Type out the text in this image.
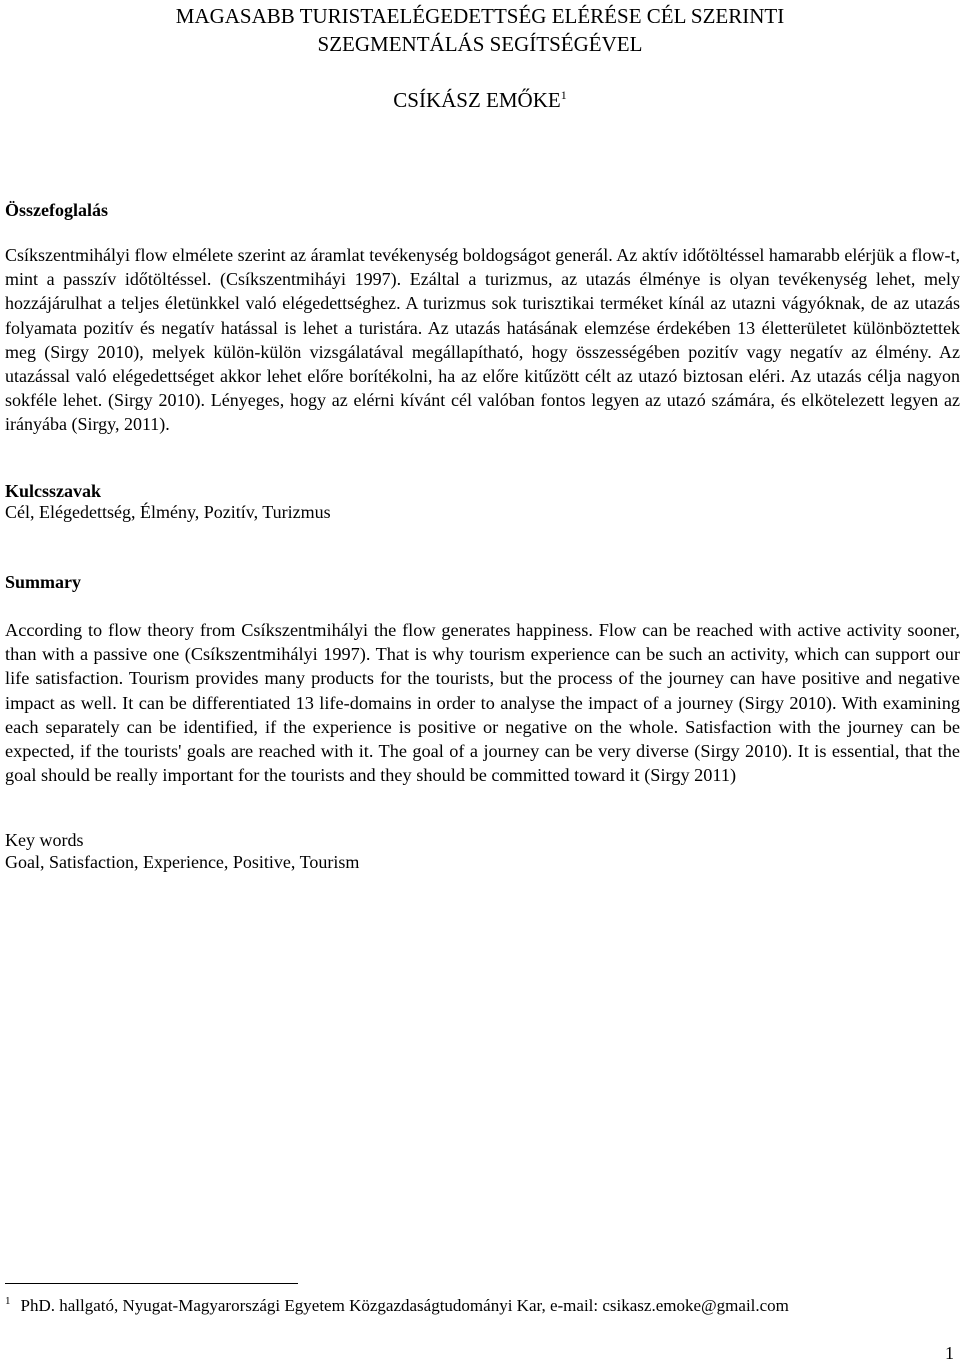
MAGASABB TURISTAELÉGEDETTSÉG ELÉRÉSE CÉL SZERINTI
SZEGMENTÁLÁS SEGÍTSÉGÉVEL
CSÍKÁSZ EMŐKE$^1$
Összefoglalás

Csíkszentmihályi flow elmélete szerint az áramlat tevékenység boldogságot generál. Az aktív időtöltéssel hamarabb elérjük a flow-t, mint a passzív időtöltéssel. (Csíkszentmiháyi 1997). Ezáltal a turizmus, az utazás élménye is olyan tevékenység lehet, mely hozzájárulhat a teljes életünkkel való elégedettséghez. A turizmus sok turisztikai terméket kínál az utazni vágyóknak, de az utazás folyamata pozitív és negatív hatással is lehet a turistára. Az utazás hatásának elemzése érdekében 13 életterületet különböztettek meg (Sirgy 2010), melyek külön-külön vizsgálatával megállapítható, hogy összességében pozitív vagy negatív az élmény. Az utazással való elégedettséget akkor lehet előre borítékolni, ha az előre kitűzött célt az utazó biztosan eléri. Az utazás célja nagyon sokféle lehet. (Sirgy 2010). Lényeges, hogy az elérni kívánt cél valóban fontos legyen az utazó számára, és elkötelezett legyen az irányába (Sirgy, 2011).

Kulcsszavak

Cél, Elégedettség, Élmény, Pozitív, Turizmus

Summary

According to flow theory from Csíkszentmihályi the flow generates happiness. Flow can be reached with active activity sooner, than with a passive one (Csíkszentmihályi 1997). That is why tourism experience can be such an activity, which can support our life satisfaction. Tourism provides many products for the tourists, but the process of the journey can have positive and negative impact as well. It can be differentiated 13 life-domains in order to analyse the impact of a journey (Sirgy 2010). With examining each separately can be identified, if the experience is positive or negative on the whole. Satisfaction with the journey can be expected, if the tourists' goals are reached with it. The goal of a journey can be very diverse (Sirgy 2010). It is essential, that the goal should be really important for the tourists and they should be committed toward it (Sirgy 2011)

Key words

Goal, Satisfaction, Experience, Positive, Tourism

$^1$ PhD. hallgató, Nyugat-Magyarországi Egyetem Közgazdaságtudományi Kar, e-mail: csikasz.emoke@gmail.com
1
